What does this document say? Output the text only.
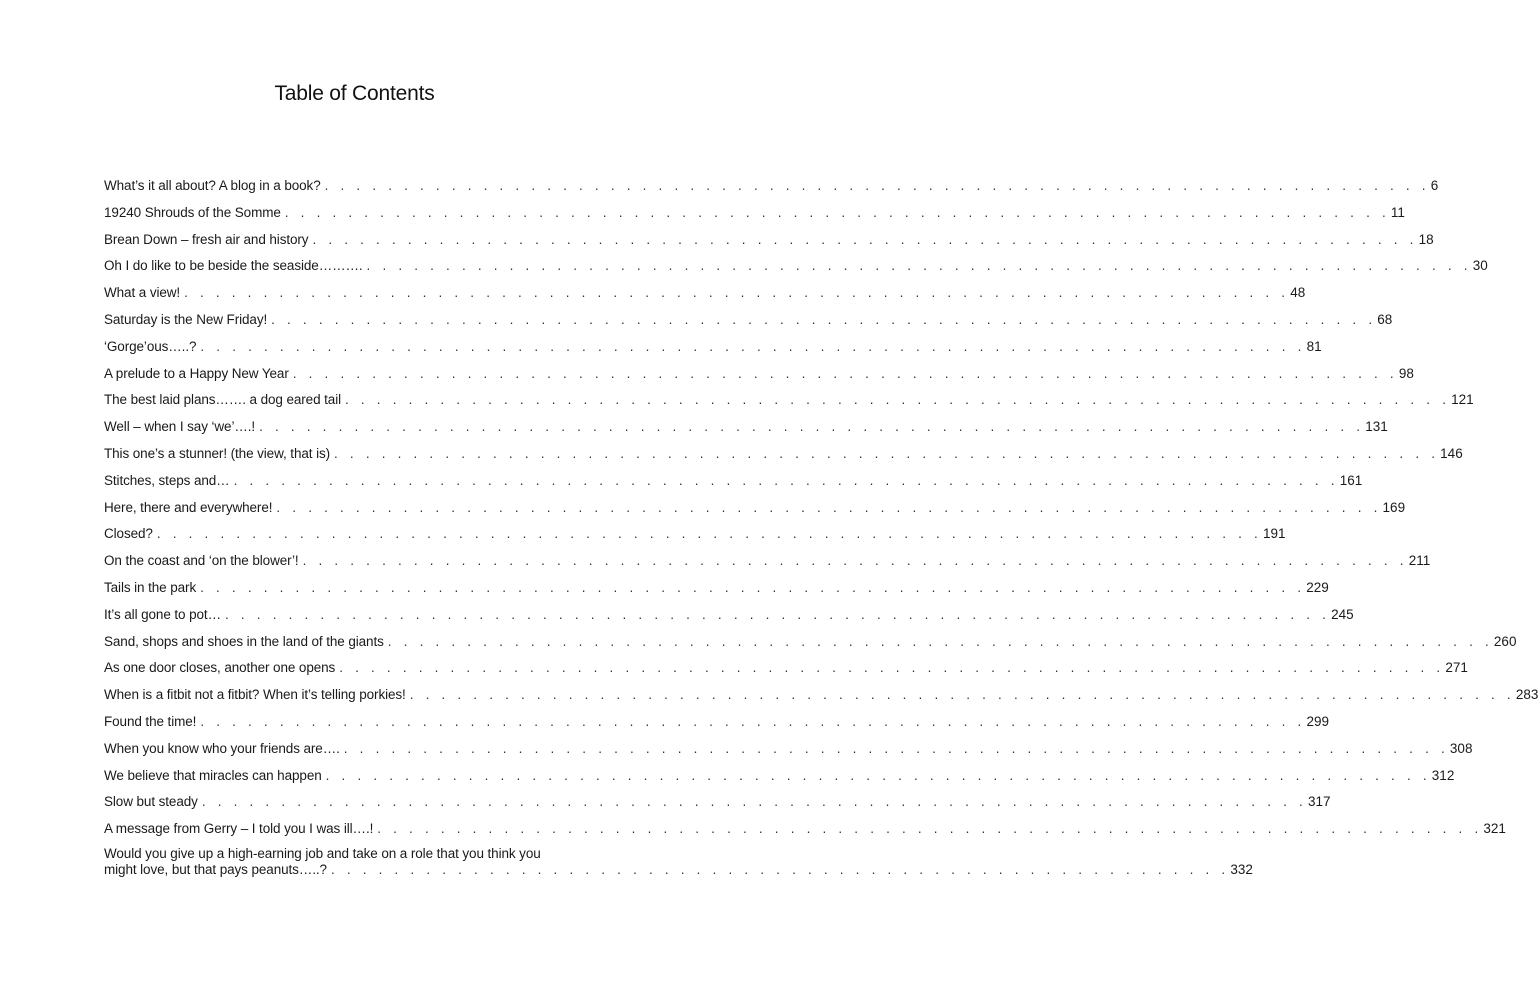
Table of Contents
What’s it all about? A blog in a book? . . . . . . . . . . . . . . . . . . . . . . . . . . . . . . . . . . . . . . . . . . . . . . . . . . . . . . . . . . . . . . . . . . . . . . 6
19240 Shrouds of the Somme . . . . . . . . . . . . . . . . . . . . . . . . . . . . . . . . . . . . . . . . . . . . . . . . . . . . . . . . . . . . . . . . . . . . . . 11
Brean Down – fresh air and history . . . . . . . . . . . . . . . . . . . . . . . . . . . . . . . . . . . . . . . . . . . . . . . . . . . . . . . . . . . . . . . . . . . . . . 18
Oh I do like to be beside the seaside………. . . . . . . . . . . . . . . . . . . . . . . . . . . . . . . . . . . . . . . . . . . . . . . . . . . . . . . . . . . . . . . . . . . . . . . 30
What a view! . . . . . . . . . . . . . . . . . . . . . . . . . . . . . . . . . . . . . . . . . . . . . . . . . . . . . . . . . . . . . . . . . . . . . . 48
Saturday is the New Friday! . . . . . . . . . . . . . . . . . . . . . . . . . . . . . . . . . . . . . . . . . . . . . . . . . . . . . . . . . . . . . . . . . . . . . . 68
‘Gorge’ous…..? . . . . . . . . . . . . . . . . . . . . . . . . . . . . . . . . . . . . . . . . . . . . . . . . . . . . . . . . . . . . . . . . . . . . . . 81
A prelude to a Happy New Year . . . . . . . . . . . . . . . . . . . . . . . . . . . . . . . . . . . . . . . . . . . . . . . . . . . . . . . . . . . . . . . . . . . . . . 98
The best laid plans……. a dog eared tail . . . . . . . . . . . . . . . . . . . . . . . . . . . . . . . . . . . . . . . . . . . . . . . . . . . . . . . . . . . . . . . . . . . . . . 121
Well – when I say ‘we’….! . . . . . . . . . . . . . . . . . . . . . . . . . . . . . . . . . . . . . . . . . . . . . . . . . . . . . . . . . . . . . . . . . . . . . . 131
This one’s a stunner! (the view, that is) . . . . . . . . . . . . . . . . . . . . . . . . . . . . . . . . . . . . . . . . . . . . . . . . . . . . . . . . . . . . . . . . . . . . . . 146
Stitches, steps and… . . . . . . . . . . . . . . . . . . . . . . . . . . . . . . . . . . . . . . . . . . . . . . . . . . . . . . . . . . . . . . . . . . . . . . 161
Here, there and everywhere! . . . . . . . . . . . . . . . . . . . . . . . . . . . . . . . . . . . . . . . . . . . . . . . . . . . . . . . . . . . . . . . . . . . . . . 169
Closed? . . . . . . . . . . . . . . . . . . . . . . . . . . . . . . . . . . . . . . . . . . . . . . . . . . . . . . . . . . . . . . . . . . . . . . 191
On the coast and ‘on the blower’! . . . . . . . . . . . . . . . . . . . . . . . . . . . . . . . . . . . . . . . . . . . . . . . . . . . . . . . . . . . . . . . . . . . . . . 211
Tails in the park . . . . . . . . . . . . . . . . . . . . . . . . . . . . . . . . . . . . . . . . . . . . . . . . . . . . . . . . . . . . . . . . . . . . . . 229
It’s all gone to pot… . . . . . . . . . . . . . . . . . . . . . . . . . . . . . . . . . . . . . . . . . . . . . . . . . . . . . . . . . . . . . . . . . . . . . . 245
Sand, shops and shoes in the land of the giants . . . . . . . . . . . . . . . . . . . . . . . . . . . . . . . . . . . . . . . . . . . . . . . . . . . . . . . . . . . . . . . . . . . . . . 260
As one door closes, another one opens . . . . . . . . . . . . . . . . . . . . . . . . . . . . . . . . . . . . . . . . . . . . . . . . . . . . . . . . . . . . . . . . . . . . . . 271
When is a fitbit not a fitbit? When it’s telling porkies! . . . . . . . . . . . . . . . . . . . . . . . . . . . . . . . . . . . . . . . . . . . . . . . . . . . . . . . . . . . . . . . . . . . . . . 283
Found the time! . . . . . . . . . . . . . . . . . . . . . . . . . . . . . . . . . . . . . . . . . . . . . . . . . . . . . . . . . . . . . . . . . . . . . . 299
When you know who your friends are…. . . . . . . . . . . . . . . . . . . . . . . . . . . . . . . . . . . . . . . . . . . . . . . . . . . . . . . . . . . . . . . . . . . . . . . 308
We believe that miracles can happen . . . . . . . . . . . . . . . . . . . . . . . . . . . . . . . . . . . . . . . . . . . . . . . . . . . . . . . . . . . . . . . . . . . . . . 312
Slow but steady . . . . . . . . . . . . . . . . . . . . . . . . . . . . . . . . . . . . . . . . . . . . . . . . . . . . . . . . . . . . . . . . . . . . . . 317
A message from Gerry – I told you I was ill….! . . . . . . . . . . . . . . . . . . . . . . . . . . . . . . . . . . . . . . . . . . . . . . . . . . . . . . . . . . . . . . . . . . . . . . 321
Would you give up a high-earning job and take on a role that you think you
might love, but that pays peanuts…..? . . . . . . . . . . . . . . . . . . . . . . . . . . . . . . . . . . . . . . . . . . . . . . . . . . . . . . . . . 332
